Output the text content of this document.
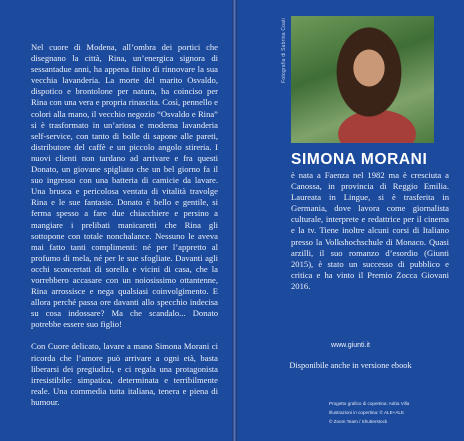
Nel cuore di Modena, all’ombra dei portici che disegnano la città, Rina, un’energica signora di sessantadue anni, ha appena finito di rinnovare la sua vecchia lavanderia. La morte del marito Osvaldo, dispotico e brontolone per natura, ha coinciso per Rina con una vera e propria rinascita. Così, pennello e colori alla mano, il vecchio negozio “Osvaldo e Rina” si è trasformato in un’ariosa e moderna lavanderia self-service, con tanto di bolle di sapone alle pareti, distributore del caffè e un piccolo angolo stireria. I nuovi clienti non tardano ad arrivare e fra questi Donato, un giovane spigliato che un bel giorno fa il suo ingresso con una batteria di camicie da lavare. Una brusca e pericolosa ventata di vitalità travolge Rina e le sue fantasie. Donato è bello e gentile, si ferma spesso a fare due chiacchiere e persino a mangiare i prelibati manicaretti che Rina gli sottopone con totale nonchalance. Nessuno le aveva mai fatto tanti complimenti: né per l’appretto al profumo di mela, né per le sue sfogliate. Davanti agli occhi sconcertati di sorella e vicini di casa, che la vorrebbero accasare con un noiosissimo ottantenne, Rina arrossisce e nega qualsiasi coinvolgimento. E allora perché passa ore davanti allo specchio indecisa su cosa indossare? Ma che scandalo... Donato potrebbe essere suo figlio!

Con Cuore delicato, lavare a mano Simona Morani ci ricorda che l’amore può arrivare a ogni età, basta liberarsi dei pregiudizi, e ci regala una protagonista irresistibile: simpatica, determinata e terribilmente reale. Una commedia tutta italiana, tenera e piena di humour.

Fotografia di Sabrina Coati
SIMONA MORANI

è nata a Faenza nel 1982 ma è cresciuta a Canossa, in provincia di Reggio Emilia. Laureata in Lingue, si è trasferita in Germania, dove lavora come giornalista culturale, interprete e redattrice per il cinema e la tv. Tiene inoltre alcuni corsi di Italiano presso la Volkshochschule di Monaco. Quasi arzilli, il suo romanzo d’esordio (Giunti 2015), è stato un successo di pubblico e critica e ha vinto il Premio Zocca Giovani 2016.

www.giunti.it
Disponibile anche in versione ebook
Progetto grafico di copertina: Adria Villa
Illustrazioni in copertina: © ALE+ALE
© Zoom Team / Shutterstock
